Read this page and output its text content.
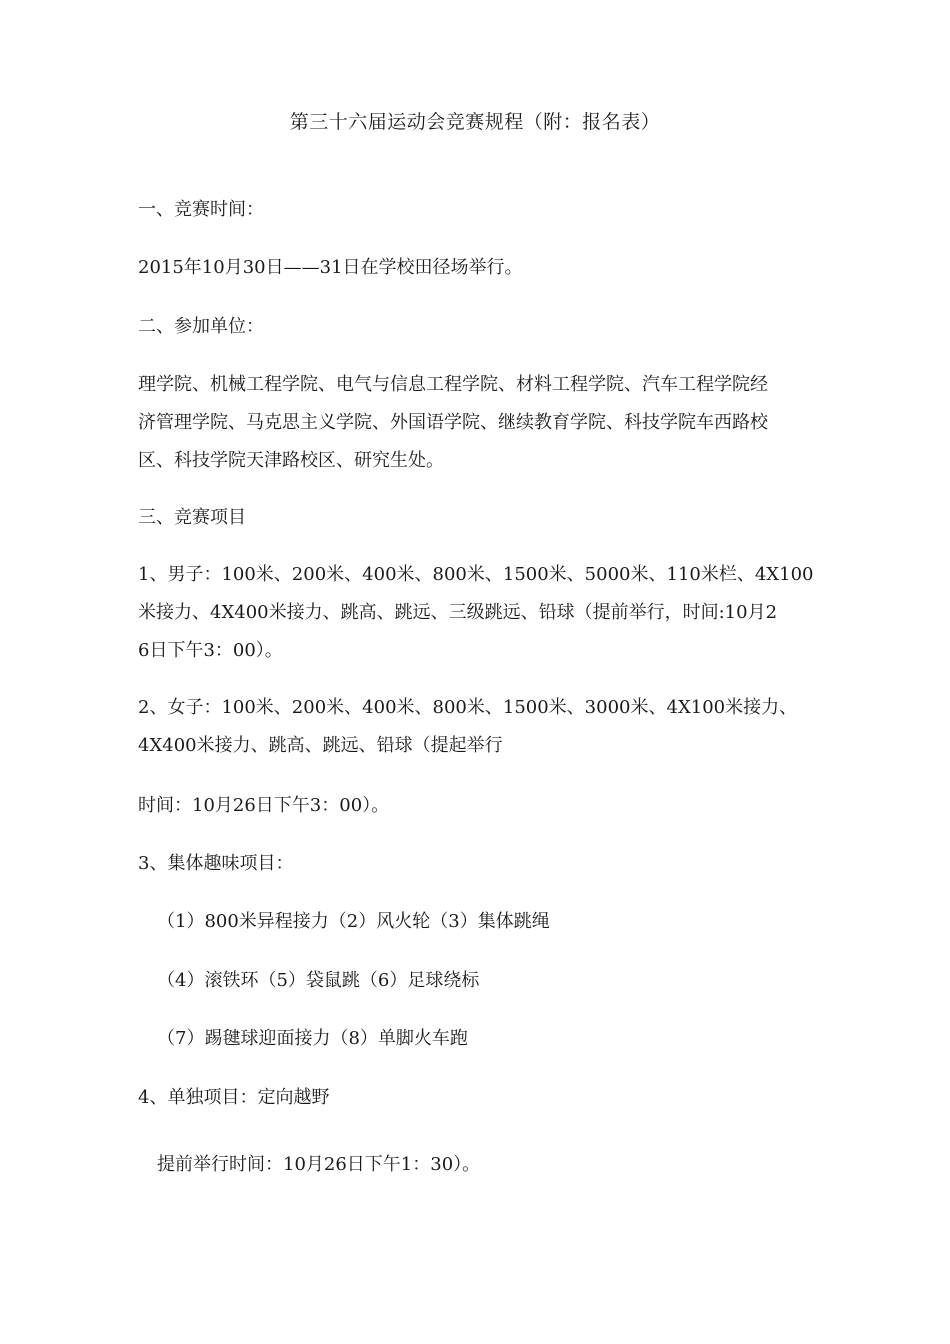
第三十六届运动会竞赛规程（附：报名表）
一、竞赛时间：
2015年10月30日——31日在学校田径场举行。
二、参加单位：
理学院、机械工程学院、电气与信息工程学院、材料工程学院、汽车工程学院经
济管理学院、马克思主义学院、外国语学院、继续教育学院、科技学院车西路校
区、科技学院天津路校区、研究生处。
三、竞赛项目
1、男子：100米、200米、400米、800米、1500米、5000米、110米栏、4X100
米接力、4X400米接力、跳高、跳远、三级跳远、铅球（提前举行，时间:10月2
6日下午3：00）。
2、女子：100米、200米、400米、800米、1500米、3000米、4X100米接力、
4X400米接力、跳高、跳远、铅球（提起举行
时间：10月26日下午3：00）。
3、集体趣味项目：
（1）800米异程接力（2）风火轮（3）集体跳绳
（4）滚铁环（5）袋鼠跳（6）足球绕标
（7）踢毽球迎面接力（8）单脚火车跑
4、单独项目：定向越野
提前举行时间：10月26日下午1：30）。
